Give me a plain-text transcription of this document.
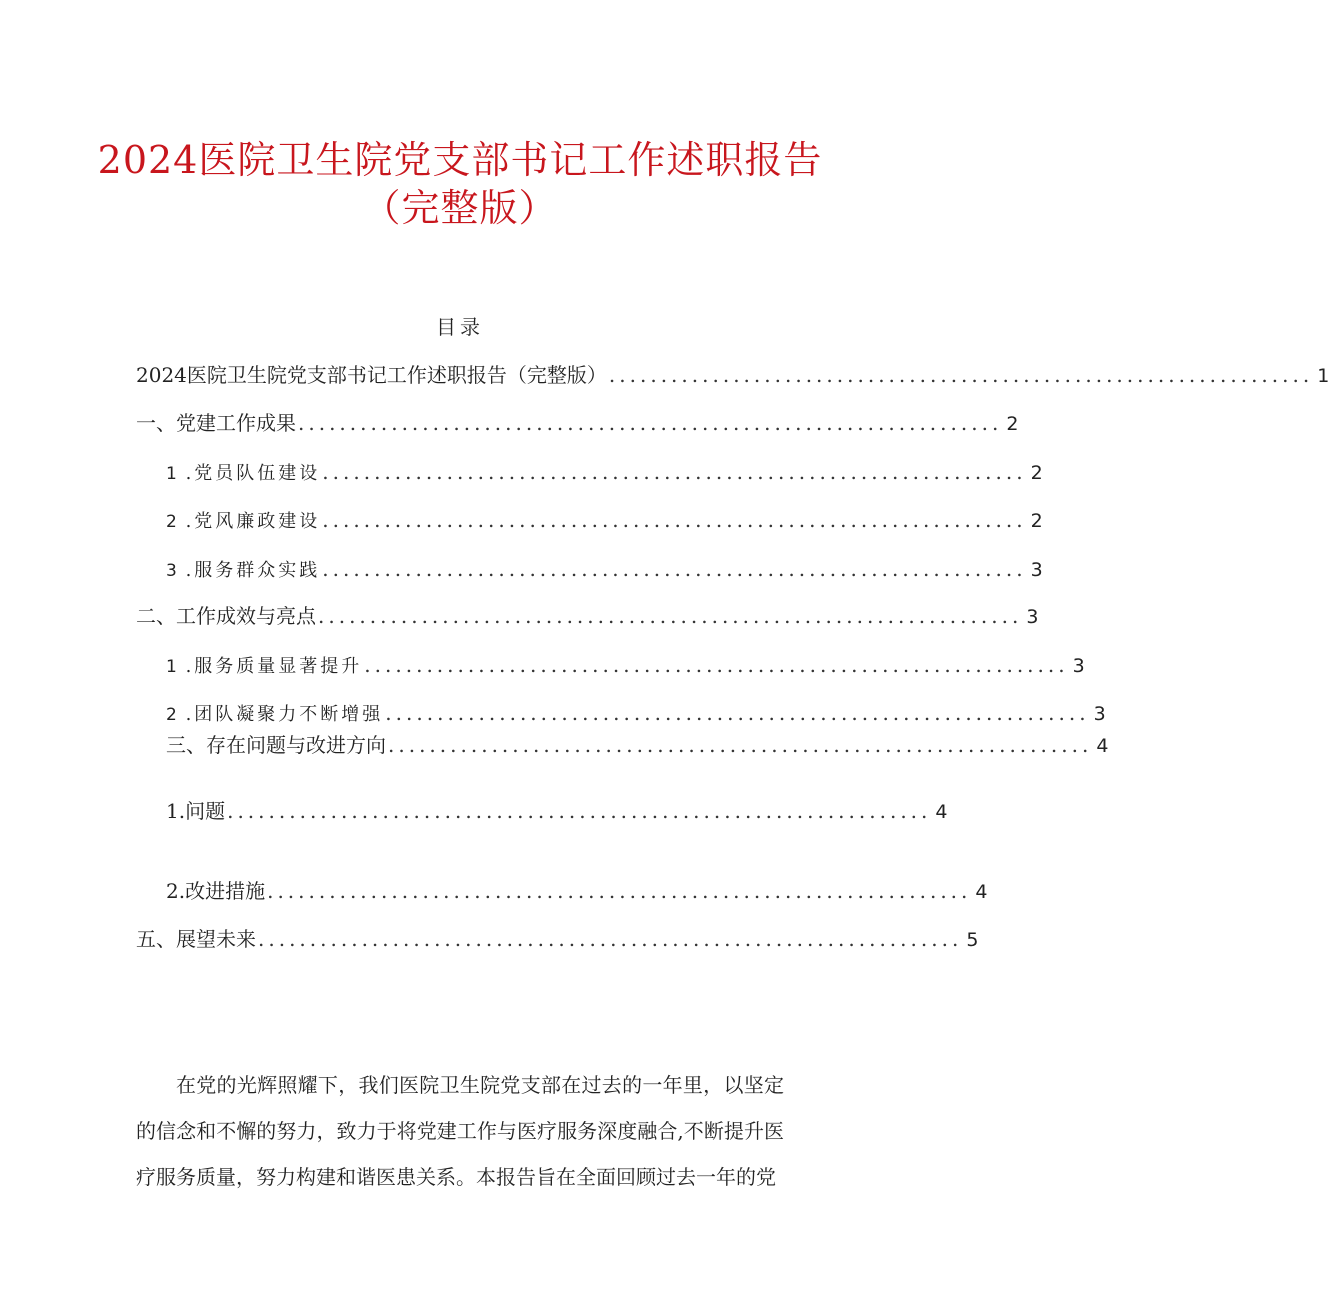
2024医院卫生院党支部书记工作述职报告
（完整版）
目录
2024医院卫生院党支部书记工作述职报告（完整版） .................................................................... 1
一、党建工作成果 .................................................................... 2
1 .党员队伍建设 .................................................................... 2
2 .党风廉政建设 .................................................................... 2
3 .服务群众实践 .................................................................... 3
二、工作成效与亮点 .................................................................... 3
1 .服务质量显著提升 .................................................................... 3
2 .团队凝聚力不断增强 .................................................................... 3
三、存在问题与改进方向 .................................................................... 4
1.问题 .................................................................... 4
2.改进措施 .................................................................... 4
五、展望未来 .................................................................... 5

在党的光辉照耀下，我们医院卫生院党支部在过去的一年里，以坚定的信念和不懈的努力，致力于将党建工作与医疗服务深度融合,不断提升医疗服务质量，努力构建和谐医患关系。本报告旨在全面回顾过去一年的党
